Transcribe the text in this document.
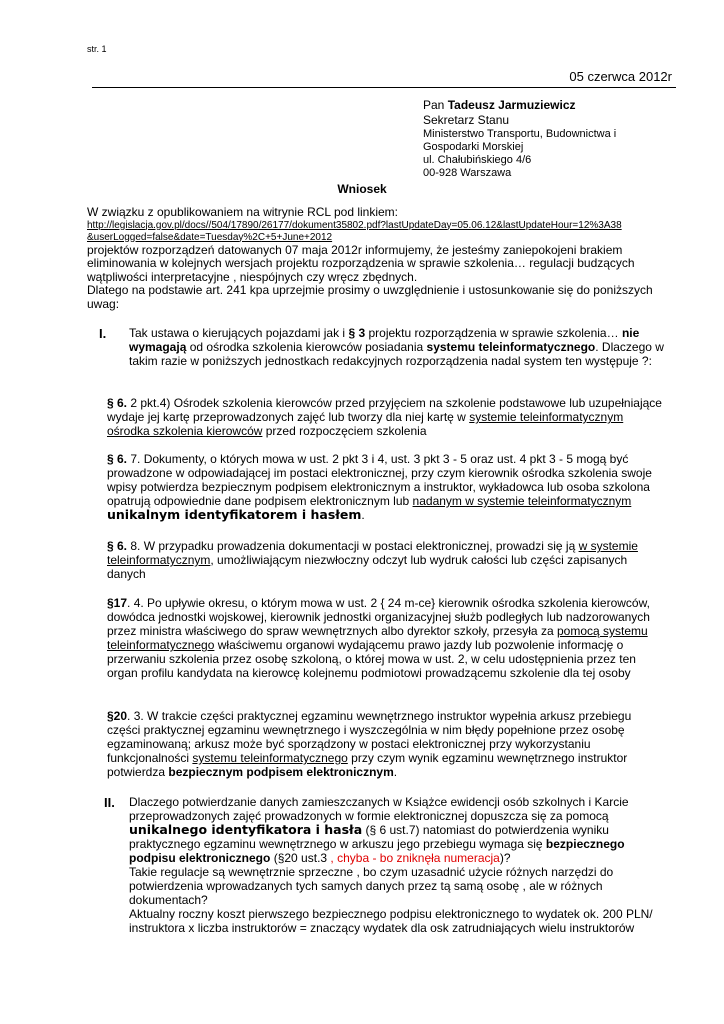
str. 1
05 czerwca 2012r
Pan Tadeusz Jarmuziewicz
Sekretarz Stanu
Ministerstwo Transportu, Budownictwa i
Gospodarki Morskiej
ul. Chałubińskiego 4/6
00-928 Warszawa
Wniosek
W związku z opublikowaniem na witrynie RCL pod linkiem:
http://legislacja.gov.pl/docs//504/17890/26177/dokument35802.pdf?lastUpdateDay=05.06.12&lastUpdateHour=12%3A38
&userLogged=false&date=Tuesday%2C+5+June+2012
projektów rozporządzeń datowanych 07 maja 2012r informujemy, że jesteśmy zaniepokojeni brakiem eliminowania w kolejnych wersjach projektu rozporządzenia w sprawie szkolenia… regulacji budzących wątpliwości interpretacyjne , niespójnych czy wręcz zbędnych.
Dlatego na podstawie art. 241 kpa uprzejmie prosimy o uwzględnienie i ustosunkowanie się do poniższych uwag:
I. Tak ustawa o kierujących pojazdami jak i § 3 projektu rozporządzenia w sprawie szkolenia… nie wymagają od ośrodka szkolenia kierowców posiadania systemu teleinformatycznego. Dlaczego w takim razie w poniższych jednostkach redakcyjnych rozporządzenia nadal system ten występuje ?:
§ 6. 2 pkt.4) Ośrodek szkolenia kierowców przed przyjęciem na szkolenie podstawowe lub uzupełniające wydaje jej kartę przeprowadzonych zajęć lub tworzy dla niej kartę w systemie teleinformatycznym ośrodka szkolenia kierowców przed rozpoczęciem szkolenia
§ 6. 7. Dokumenty, o których mowa w ust. 2 pkt 3 i 4, ust. 3 pkt 3 - 5 oraz ust. 4 pkt 3 - 5 mogą być prowadzone w odpowiadającej im postaci elektronicznej, przy czym kierownik ośrodka szkolenia swoje wpisy potwierdza bezpiecznym podpisem elektronicznym a instruktor, wykładowca lub osoba szkolona opatrują odpowiednie dane podpisem elektronicznym lub nadanym w systemie teleinformatycznym unikalnym identyfikatorem i hasłem.
§ 6. 8. W przypadku prowadzenia dokumentacji w postaci elektronicznej, prowadzi się ją w systemie teleinformatycznym, umożliwiającym niezwłoczny odczyt lub wydruk całości lub części zapisanych danych
§17. 4. Po upływie okresu, o którym mowa w ust. 2 { 24 m-ce} kierownik ośrodka szkolenia kierowców, dowódca jednostki wojskowej, kierownik jednostki organizacyjnej służb podległych lub nadzorowanych przez ministra właściwego do spraw wewnętrznych albo dyrektor szkoły, przesyła za pomocą systemu teleinformatycznego właściwemu organowi wydającemu prawo jazdy lub pozwolenie informację o przerwaniu szkolenia przez osobę szkoloną, o której mowa w ust. 2, w celu udostępnienia przez ten organ profilu kandydata na kierowcę kolejnemu podmiotowi prowadzącemu szkolenie dla tej osoby
§20. 3. W trakcie części praktycznej egzaminu wewnętrznego instruktor wypełnia arkusz przebiegu części praktycznej egzaminu wewnętrznego i wyszczególnia w nim błędy popełnione przez osobę egzaminowaną; arkusz może być sporządzony w postaci elektronicznej przy wykorzystaniu funkcjonalności systemu teleinformatycznego przy czym wynik egzaminu wewnętrznego instruktor potwierdza bezpiecznym podpisem elektronicznym.
II. Dlaczego potwierdzanie danych zamieszczanych w Książce ewidencji osób szkolnych i Karcie przeprowadzonych zajęć prowadzonych w formie elektronicznej dopuszcza się za pomocą unikalnego identyfikatora i hasła (§ 6 ust.7) natomiast do potwierdzenia wyniku praktycznego egzaminu wewnętrznego w arkuszu jego przebiegu wymaga się bezpiecznego podpisu elektronicznego (§20 ust.3 , chyba - bo zniknęła numeracja)?
Takie regulacje są wewnętrznie sprzeczne , bo czym uzasadnić użycie różnych narzędzi do potwierdzenia wprowadzanych tych samych danych przez tą samą osobę , ale w różnych dokumentach?
Aktualny roczny koszt pierwszego bezpiecznego podpisu elektronicznego to wydatek ok. 200 PLN/ instruktora x liczba instruktorów = znaczący wydatek dla osk zatrudniających wielu instruktorów
